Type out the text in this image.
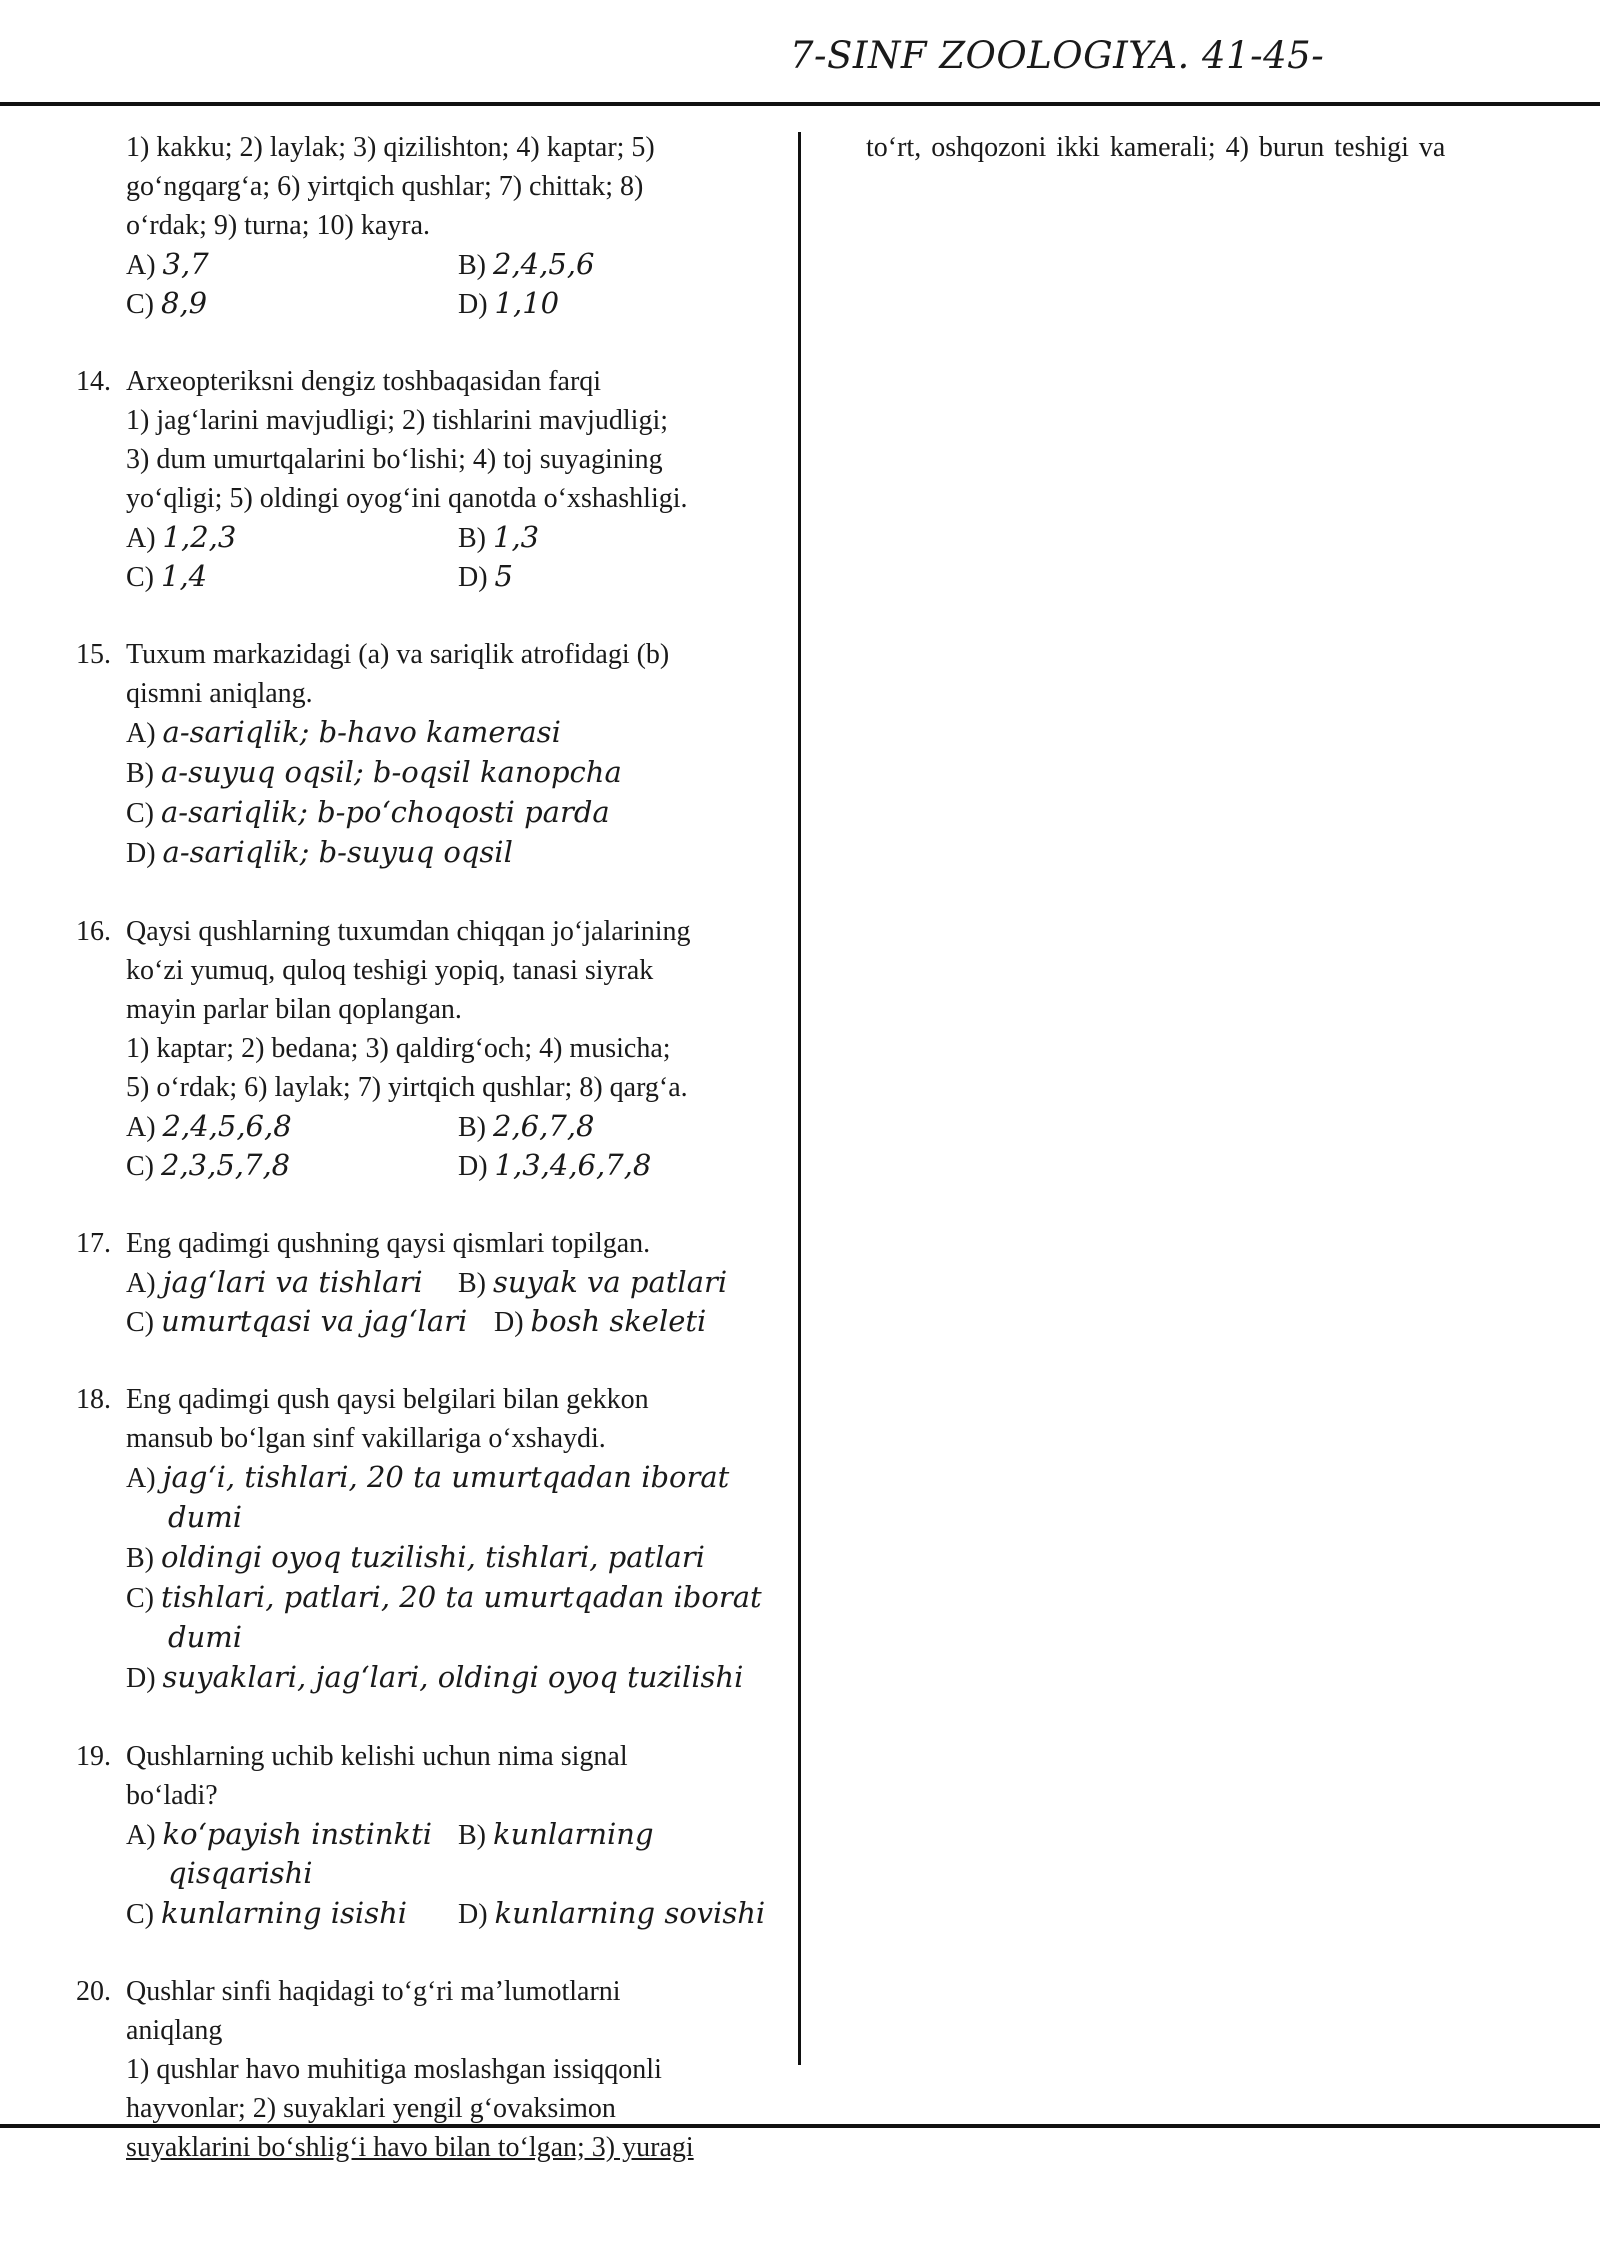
7-SINF ZOOLOGIYA. 41-45-
1) kakku; 2) laylak; 3) qizilishton; 4) kaptar; 5)
go‘ngqarg‘a; 6) yirtqich qushlar; 7) chittak; 8)
o‘rdak; 9) turna; 10) kayra.
A) 3,7	B) 2,4,5,6
C) 8,9	D) 1,10
14. Arxeopteriksni dengiz toshbaqasidan farqi
1) jag‘larini mavjudligi; 2) tishlarini mavjudligi;
3) dum umurtqalarini bo‘lishi; 4) toj suyagining
yo‘qligi; 5) oldingi oyog‘ini qanotda o‘xshashligi.
A) 1,2,3	B) 1,3
C) 1,4	D) 5
15. Tuxum markazidagi (a) va sariqlik atrofidagi (b)
qismni aniqlang.
A) a-sariqlik; b-havo kamerasi
B) a-suyuq oqsil; b-oqsil kanopcha
C) a-sariqlik; b-po‘choqosti parda
D) a-sariqlik; b-suyuq oqsil
16. Qaysi qushlarning tuxumdan chiqqan jo‘jalarining
ko‘zi yumuq, quloq teshigi yopiq, tanasi siyrak
mayin parlar bilan qoplangan.
1) kaptar; 2) bedana; 3) qaldirg‘och; 4) musicha;
5) o‘rdak; 6) laylak; 7) yirtqich qushlar; 8) qarg‘a.
A) 2,4,5,6,8	B) 2,6,7,8
C) 2,3,5,7,8	D) 1,3,4,6,7,8
17. Eng qadimgi qushning qaysi qismlari topilgan.
A) jag‘lari va tishlari B) suyak va patlari
C) umurtqasi va jag‘lari D) bosh skeleti
18. Eng qadimgi qush qaysi belgilari bilan gekkon
mansub bo‘lgan sinf vakillariga o‘xshaydi.
A) jag‘i, tishlari, 20 ta umurtqadan iborat
dumi
B) oldingi oyoq tuzilishi, tishlari, patlari
C) tishlari, patlari, 20 ta umurtqadan iborat
dumi
D) suyaklari, jag‘lari, oldingi oyoq tuzilishi
19. Qushlarning uchib kelishi uchun nima signal
bo‘ladi?
A) ko‘payish instinkti B) kunlarning
qisqarishi
C) kunlarning isishi D) kunlarning sovishi
20. Qushlar sinfi haqidagi to‘g‘ri ma’lumotlarni
aniqlang
1) qushlar havo muhitiga moslashgan issiqqonli
hayvonlar; 2) suyaklari yengil g‘ovaksimon
suyaklarini bo‘shlig‘i havo bilan to‘lgan; 3) yuragi
to‘rt, oshqozoni ikki kamerali; 4) burun teshigi va
